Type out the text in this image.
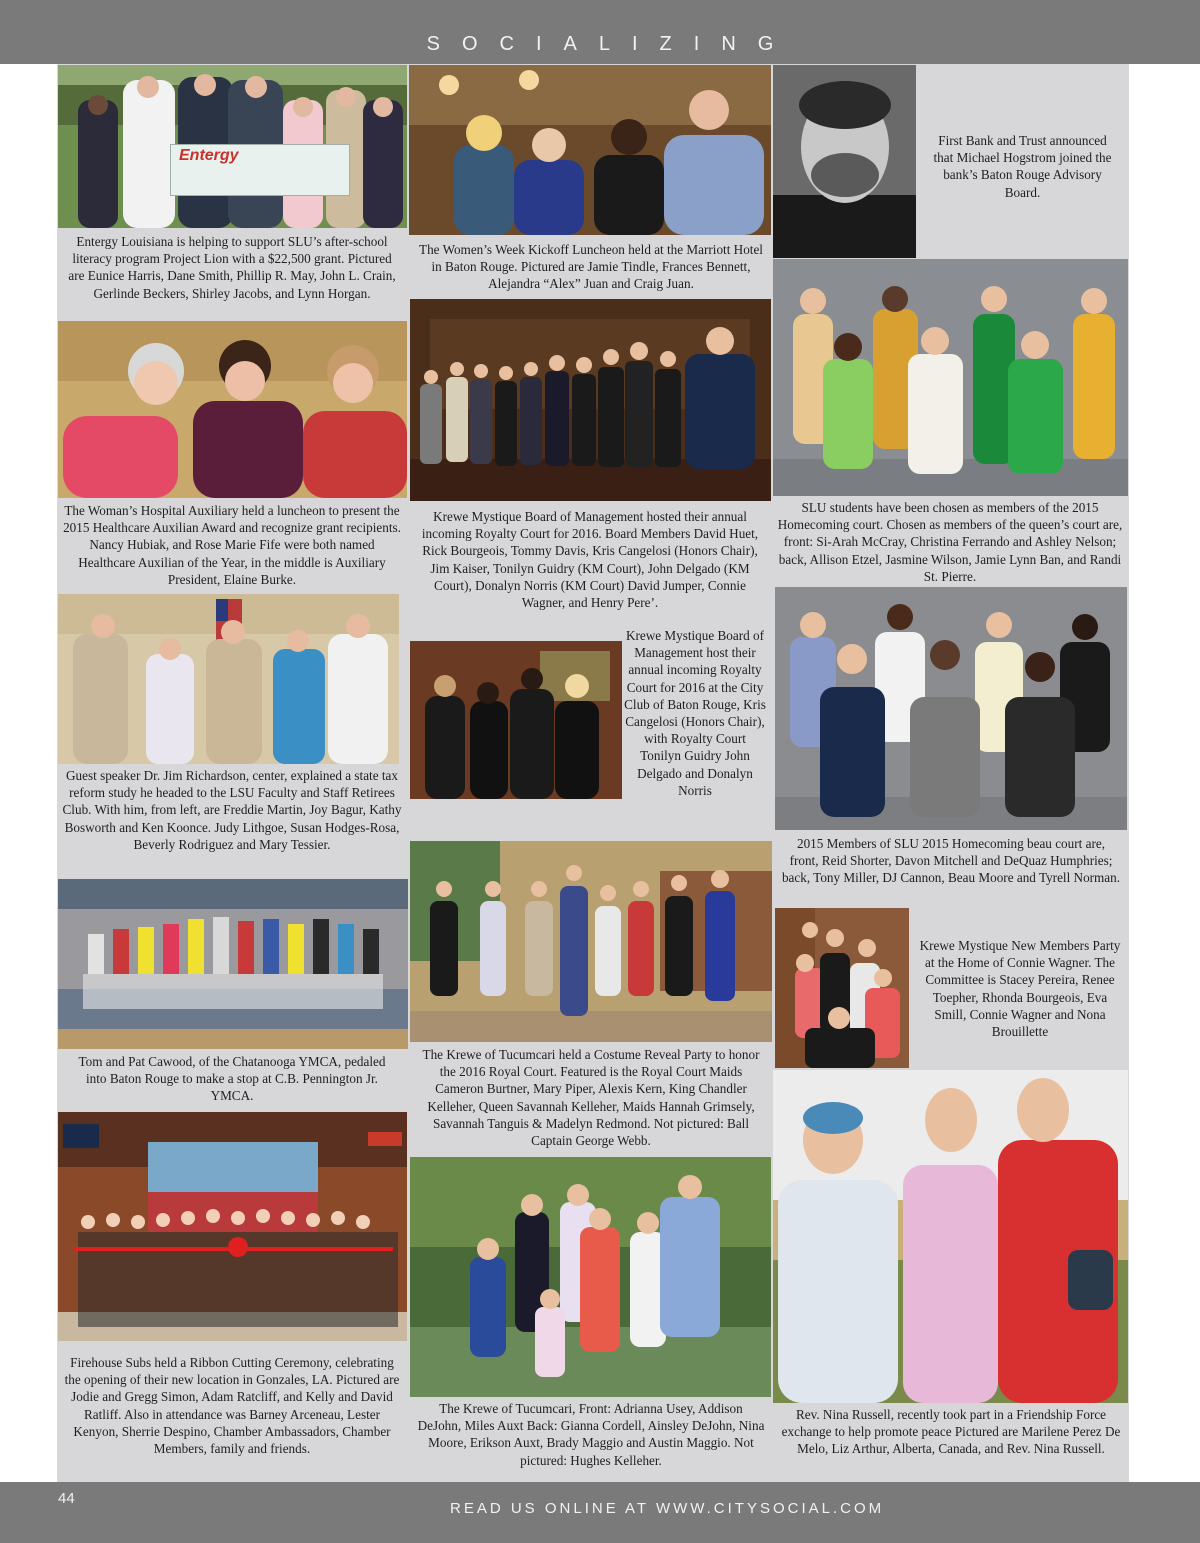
SOCIALIZING
Entergy
Entergy Louisiana is helping to support SLU’s after-school literacy program Project Lion with a $22,500 grant. Pictured are Eunice Harris, Dane Smith, Phillip R. May, John L. Crain, Gerlinde Beckers, Shirley Jacobs, and Lynn Horgan.
The Woman’s Hospital Auxiliary held a luncheon to present the 2015 Healthcare Auxilian Award and recognize grant recipients. Nancy Hubiak, and Rose Marie Fife were both named Healthcare Auxilian of the Year, in the middle is Auxiliary President, Elaine Burke.
Guest speaker Dr. Jim Richardson, center, explained a state tax reform study he headed to the LSU Faculty and Staff Retirees Club. With him, from left, are Freddie Martin, Joy Bagur, Kathy Bosworth and Ken Koonce. Judy Lithgoe, Susan Hodges-Rosa, Beverly Rodriguez and Mary Tessier.
Tom and Pat Cawood, of the Chatanooga YMCA, pedaled into Baton Rouge to make a stop at C.B. Pennington Jr. YMCA.
Firehouse Subs held a Ribbon Cutting Ceremony, celebrating the opening of their new location in Gonzales, LA. Pictured are Jodie and Gregg Simon, Adam Ratcliff, and Kelly and David Ratliff. Also in attendance was Barney Arceneau, Lester Kenyon, Sherrie Despino, Chamber Ambassadors, Chamber Members, family and friends.
The Women’s Week Kickoff Luncheon held at the Marriott Hotel in Baton Rouge. Pictured are Jamie Tindle, Frances Bennett, Alejandra “Alex” Juan and Craig Juan.
Krewe Mystique Board of Management hosted their annual incoming Royalty Court for 2016. Board Members David Huet, Rick Bourgeois, Tommy Davis, Kris Cangelosi (Honors Chair), Jim Kaiser, Tonilyn Guidry (KM Court), John Delgado (KM Court), Donalyn Norris (KM Court) David Jumper, Connie Wagner, and Henry Pere’.
Krewe Mystique Board of Management host their annual incoming Royalty Court for 2016 at the City Club of Baton Rouge, Kris Cangelosi (Honors Chair), with Royalty Court Tonilyn Guidry John Delgado and Donalyn Norris
The Krewe of Tucumcari held a Costume Reveal Party to honor the 2016 Royal Court. Featured is the Royal Court Maids Cameron Burtner, Mary Piper, Alexis Kern, King Chandler Kelleher, Queen Savannah Kelleher, Maids Hannah Grimsely, Savannah Tanguis & Madelyn Redmond. Not pictured: Ball Captain George Webb.
The Krewe of Tucumcari, Front: Adrianna Usey, Addison DeJohn, Miles Auxt Back: Gianna Cordell, Ainsley DeJohn, Nina Moore, Erikson Auxt, Brady Maggio and Austin Maggio. Not pictured: Hughes Kelleher.
First Bank and Trust announced that Michael Hogstrom joined the bank’s Baton Rouge Advisory Board.
SLU students have been chosen as members of the 2015 Homecoming court. Chosen as members of the queen’s court are, front: Si-Arah McCray, Christina Ferrando and Ashley Nelson; back, Allison Etzel, Jasmine Wilson, Jamie Lynn Ban, and Randi St. Pierre.
2015 Members of SLU 2015 Homecoming beau court are, front, Reid Shorter, Davon Mitchell and DeQuaz Humphries; back, Tony Miller, DJ Cannon, Beau Moore and Tyrell Norman.
Krewe Mystique New Members Party at the Home of Connie Wagner. The Committee is Stacey Pereira, Renee Toepher, Rhonda Bourgeois, Eva Smill, Connie Wagner and Nona Brouillette
Rev. Nina Russell, recently took part in a Friendship Force exchange to help promote peace Pictured are Marilene Perez De Melo, Liz Arthur, Alberta, Canada, and Rev. Nina Russell.
44
READ US ONLINE AT WWW.CITYSOCIAL.COM
